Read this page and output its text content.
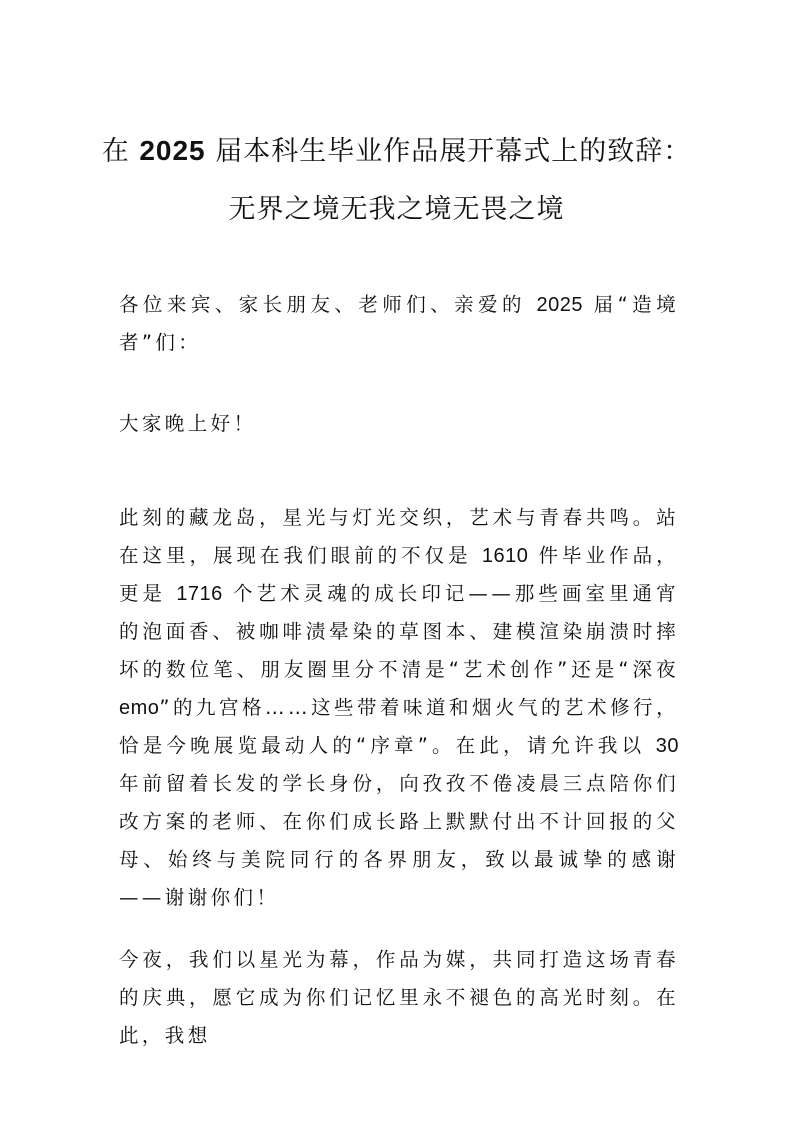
在 2025 届本科生毕业作品展开幕式上的致辞：无界之境无我之境无畏之境

各位来宾、家长朋友、老师们、亲爱的 2025 届“造境者”们：

大家晚上好！

此刻的藏龙岛，星光与灯光交织，艺术与青春共鸣。站在这里，展现在我们眼前的不仅是 1610 件毕业作品，更是 1716 个艺术灵魂的成长印记——那些画室里通宵的泡面香、被咖啡渍晕染的草图本、建模渲染崩溃时摔坏的数位笔、朋友圈里分不清是“艺术创作”还是“深夜 emo”的九宫格……这些带着味道和烟火气的艺术修行，恰是今晚展览最动人的“序章”。在此，请允许我以 30 年前留着长发的学长身份，向孜孜不倦凌晨三点陪你们改方案的老师、在你们成长路上默默付出不计回报的父母、始终与美院同行的各界朋友，致以最诚挚的感谢——谢谢你们！

今夜，我们以星光为幕，作品为媒，共同打造这场青春的庆典，愿它成为你们记忆里永不褪色的高光时刻。在此，我想
